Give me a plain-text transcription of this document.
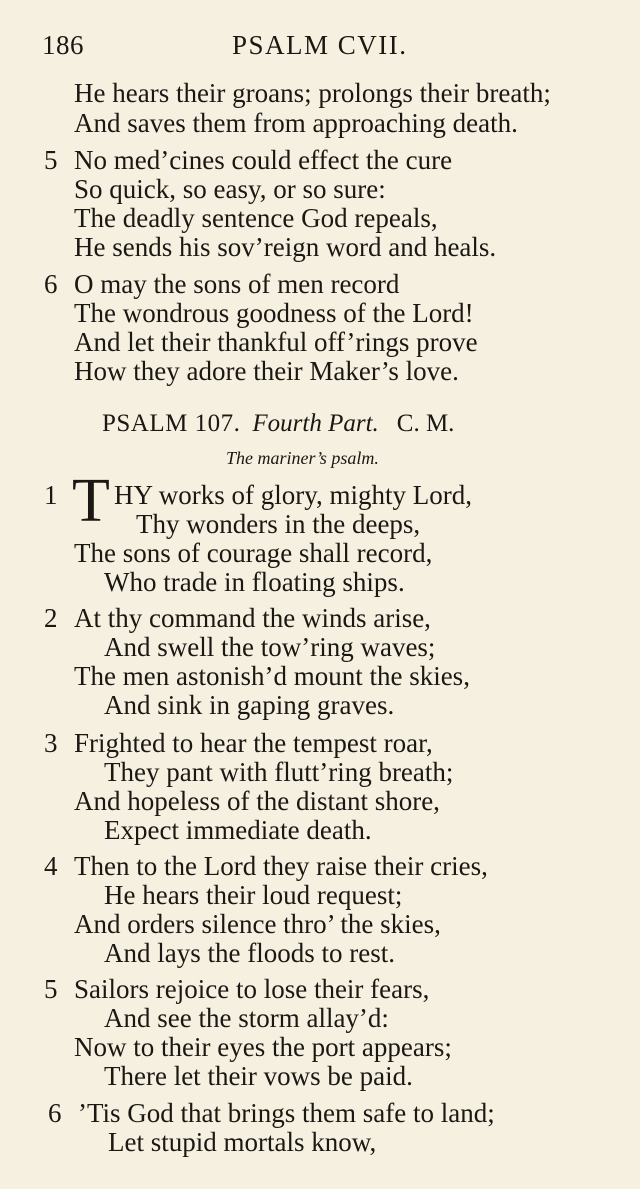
186	PSALM CVII.
He hears their groans; prolongs their breath;
And saves them from approaching death.
5 No med’cines could effect the cure
So quick, so easy, or so sure:
The deadly sentence God repeals,
He sends his sov’reign word and heals.
6 O may the sons of men record
The wondrous goodness of the Lord!
And let their thankful off’rings prove
How they adore their Maker’s love.
PSALM 107. Fourth Part. C. M.
The mariner’s psalm.
1 T HY works of glory, mighty Lord,
Thy wonders in the deeps,
The sons of courage shall record,
Who trade in floating ships.
2 At thy command the winds arise,
And swell the tow’ring waves;
The men astonish’d mount the skies,
And sink in gaping graves.
3 Frighted to hear the tempest roar,
They pant with flutt’ring breath;
And hopeless of the distant shore,
Expect immediate death.
4 Then to the Lord they raise their cries,
He hears their loud request;
And orders silence thro’ the skies,
And lays the floods to rest.
5 Sailors rejoice to lose their fears,
And see the storm allay’d:
Now to their eyes the port appears;
There let their vows be paid.
6 ’Tis God that brings them safe to land;
Let stupid mortals know,
